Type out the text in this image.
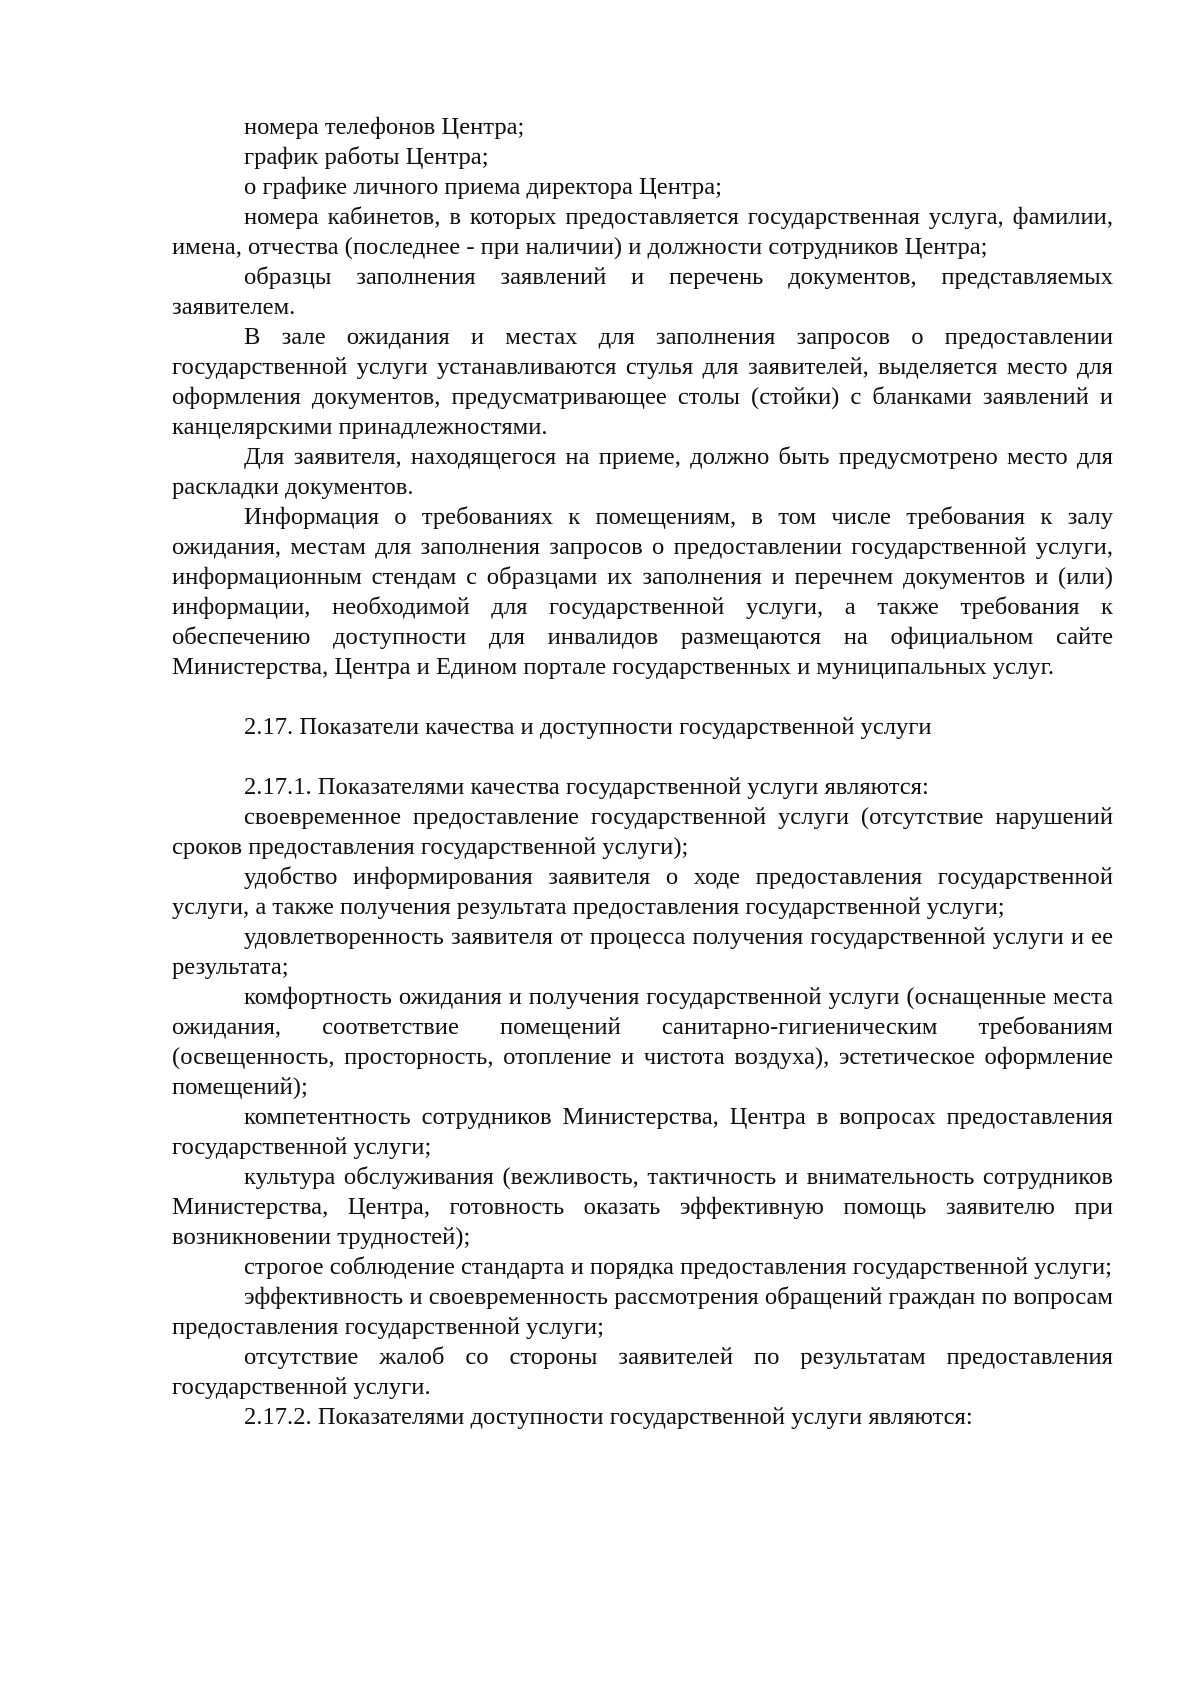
номера телефонов Центра;

график работы Центра;

о графике личного приема директора Центра;

номера кабинетов, в которых предоставляется государственная услуга, фамилии, имена, отчества (последнее - при наличии) и должности сотрудников Центра;

образцы заполнения заявлений и перечень документов, представляемых заявителем.

В зале ожидания и местах для заполнения запросов о предоставлении государственной услуги устанавливаются стулья для заявителей, выделяется место для оформления документов, предусматривающее столы (стойки) с бланками заявлений и канцелярскими принадлежностями.

Для заявителя, находящегося на приеме, должно быть предусмотрено место для раскладки документов.

Информация о требованиях к помещениям, в том числе требования к залу ожидания, местам для заполнения запросов о предоставлении государственной услуги, информационным стендам с образцами их заполнения и перечнем документов и (или) информации, необходимой для государственной услуги, а также требования к обеспечению доступности для инвалидов размещаются на официальном сайте Министерства, Центра и Едином портале государственных и муниципальных услуг.

2.17. Показатели качества и доступности государственной услуги

2.17.1. Показателями качества государственной услуги являются:

своевременное предоставление государственной услуги (отсутствие нарушений сроков предоставления государственной услуги);

удобство информирования заявителя о ходе предоставления государственной услуги, а также получения результата предоставления государственной услуги;

удовлетворенность заявителя от процесса получения государственной услуги и ее результата;

комфортность ожидания и получения государственной услуги (оснащенные места ожидания, соответствие помещений санитарно-гигиеническим требованиям (освещенность, просторность, отопление и чистота воздуха), эстетическое оформление помещений);

компетентность сотрудников Министерства, Центра в вопросах предоставления государственной услуги;

культура обслуживания (вежливость, тактичность и внимательность сотрудников Министерства, Центра, готовность оказать эффективную помощь заявителю при возникновении трудностей);

строгое соблюдение стандарта и порядка предоставления государственной услуги;

эффективность и своевременность рассмотрения обращений граждан по вопросам предоставления государственной услуги;

отсутствие жалоб со стороны заявителей по результатам предоставления государственной услуги.

2.17.2. Показателями доступности государственной услуги являются:
